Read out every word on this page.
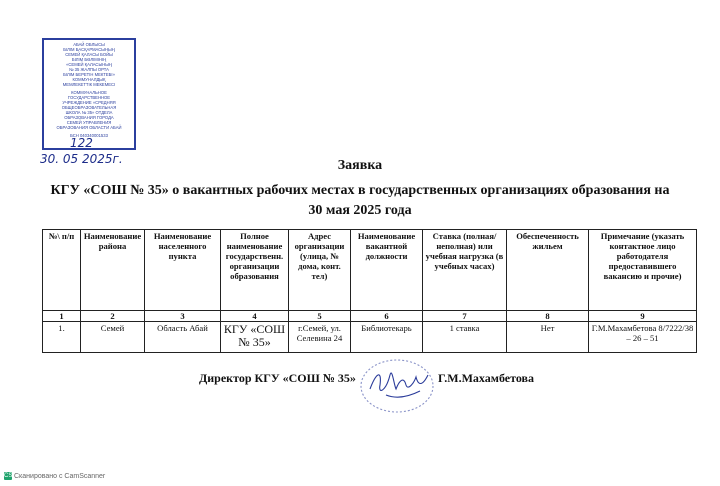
АБАЙ ОБЛЫСЫ
БІЛІМ БАСҚАРМАСЫНЫҢ
СЕМЕЙ ҚАЛАСЫ БОЙЫ
БІЛІМ БӨЛІМІНІҢ
«СЕМЕЙ ҚАЛАСЫНЫҢ
№ 35 ЖАЛПЫ ОРТА
БІЛІМ БЕРЕТІН МЕКТЕБІ»
КОММУНАЛДЫҚ
МЕМЛЕКЕТТІК МЕКЕМЕСІ
КОММУНАЛЬНОЕ
ГОСУДАРСТВЕННОЕ
УЧРЕЖДЕНИЕ «СРЕДНЯЯ
ОБЩЕОБРАЗОВАТЕЛЬНАЯ
ШКОЛА № 35» ОТДЕЛА
ОБРАЗОВАНИЯ ГОРОДА
СЕМЕЙ УПРАВЛЕНИЯ
ОБРАЗОВАНИЯ ОБЛАСТИ АБАЙ
БСН 040340001533
122
30. 05 2025г.	Заявка
КГУ «СОШ № 35» о вакантных рабочих местах в государственных организациях образования на
30 мая 2025 года
№\ п/п	Наименование района	Наименование населенного пункта	Полное наименование государственн. организации образования	Адрес организации (улица, № дома, конт. тел)	Наименование вакантной должности	Ставка (полная/неполная) или учебная нагрузка (в учебных часах)	Обеспеченность жильем	Примечание (указать контактное лицо работодателя предоставившего вакансию и прочие)
1	2	3	4	5	6	7	8	9
1.	Семей	Область Абай	КГУ «СОШ № 35»	г.Семей, ул. Селевина 24	Библиотекарь	1 ставка	Нет	Г.М.Махамбетова 8/7222/38 – 26 – 51
Директор КГУ «СОШ № 35»	Г.М.Махамбетова
CS Сканировано с CamScanner
